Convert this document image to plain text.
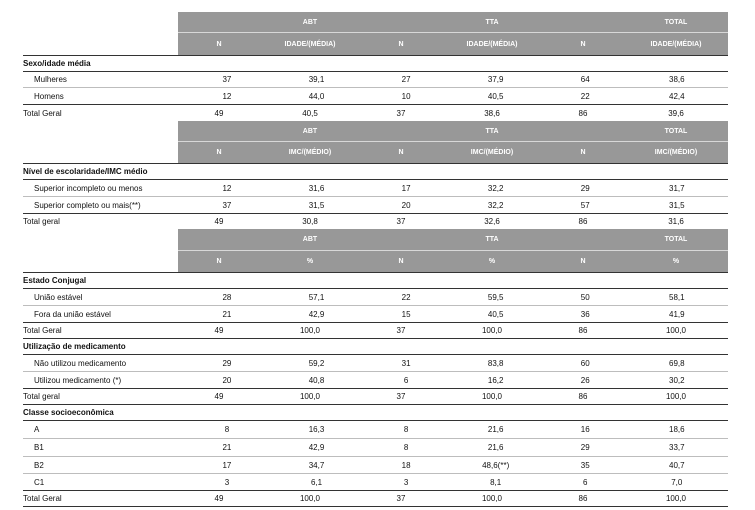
ABT	TTA	TOTAL
N	IDADE/(MÉDIA)	N	IDADE/(MÉDIA)	N	IDADE/(MÉDIA)
Sexo/idade média
Mulheres	37	39,1	27	37,9	64	38,6
Homens	12	44,0	10	40,5	22	42,4
Total Geral	49	40,5	37	38,6	86	39,6
ABT	TTA	TOTAL
N	IMC/(MÉDIO)	N	IMC/(MÉDIO)	N	IMC/(MÉDIO)
Nível de escolaridade/IMC médio
Superior incompleto ou menos	12	31,6	17	32,2	29	31,7
Superior completo ou mais(**)	37	31,5	20	32,2	57	31,5
Total geral	49	30,8	37	32,6	86	31,6
ABT	TTA	TOTAL
N	%	N	%	N	%
Estado Conjugal
União estável	28	57,1	22	59,5	50	58,1
Fora da união estável	21	42,9	15	40,5	36	41,9
Total Geral	49	100,0	37	100,0	86	100,0
Utilização de medicamento
Não utilizou medicamento	29	59,2	31	83,8	60	69,8
Utilizou medicamento (*)	20	40,8	6	16,2	26	30,2
Total geral	49	100,0	37	100,0	86	100,0
Classe socioeconômica
A	8	16,3	8	21,6	16	18,6
B1	21	42,9	8	21,6	29	33,7
B2	17	34,7	18	48,6(**)	35	40,7
C1	3	6,1	3	8,1	6	7,0
Total Geral	49	100,0	37	100,0	86	100,0
